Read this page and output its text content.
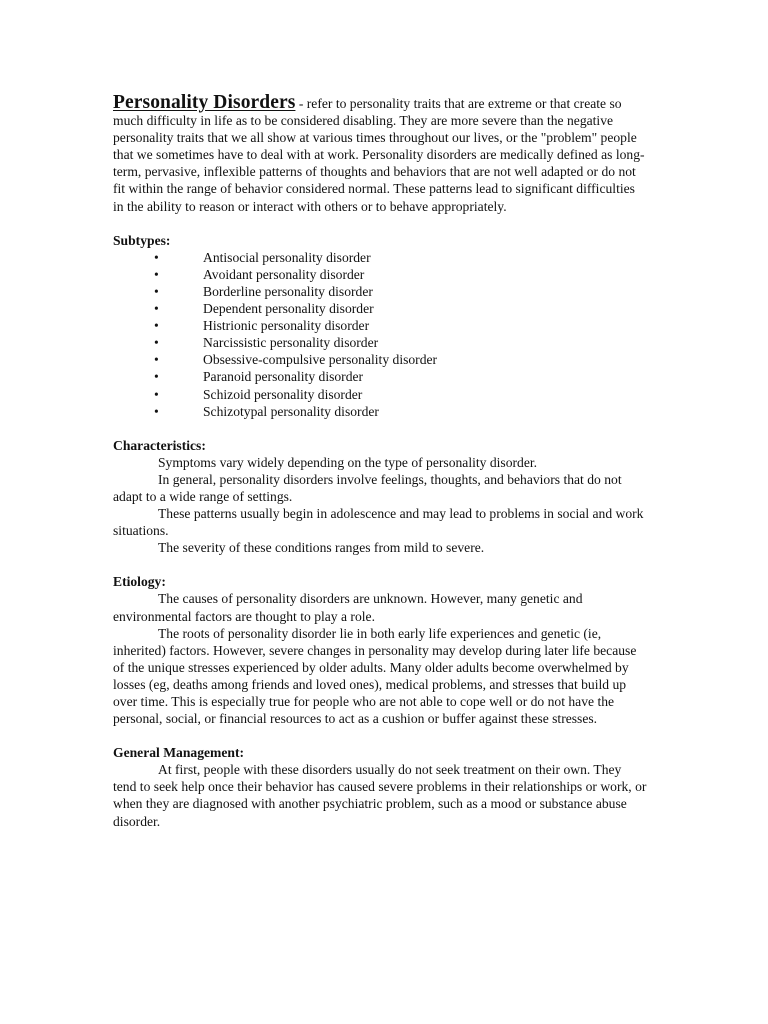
Personality Disorders - refer to personality traits that are extreme or that create so much difficulty in life as to be considered disabling. They are more severe than the negative personality traits that we all show at various times throughout our lives, or the "problem" people that we sometimes have to deal with at work. Personality disorders are medically defined as long-term, pervasive, inflexible patterns of thoughts and behaviors that are not well adapted or do not fit within the range of behavior considered normal. These patterns lead to significant difficulties in the ability to reason or interact with others or to behave appropriately.

Subtypes:

•	Antisocial personality disorder
•	Avoidant personality disorder
•	Borderline personality disorder
•	Dependent personality disorder
•	Histrionic personality disorder
•	Narcissistic personality disorder
•	Obsessive-compulsive personality disorder
•	Paranoid personality disorder
•	Schizoid personality disorder
•	Schizotypal personality disorder

Characteristics:

Symptoms vary widely depending on the type of personality disorder.

In general, personality disorders involve feelings, thoughts, and behaviors that do not adapt to a wide range of settings.

These patterns usually begin in adolescence and may lead to problems in social and work situations.

The severity of these conditions ranges from mild to severe.

Etiology:

The causes of personality disorders are unknown. However, many genetic and environmental factors are thought to play a role.

The roots of personality disorder lie in both early life experiences and genetic (ie, inherited) factors. However, severe changes in personality may develop during later life because of the unique stresses experienced by older adults. Many older adults become overwhelmed by losses (eg, deaths among friends and loved ones), medical problems, and stresses that build up over time. This is especially true for people who are not able to cope well or do not have the personal, social, or financial resources to act as a cushion or buffer against these stresses.

General Management:

At first, people with these disorders usually do not seek treatment on their own. They tend to seek help once their behavior has caused severe problems in their relationships or work, or when they are diagnosed with another psychiatric problem, such as a mood or substance abuse disorder.
